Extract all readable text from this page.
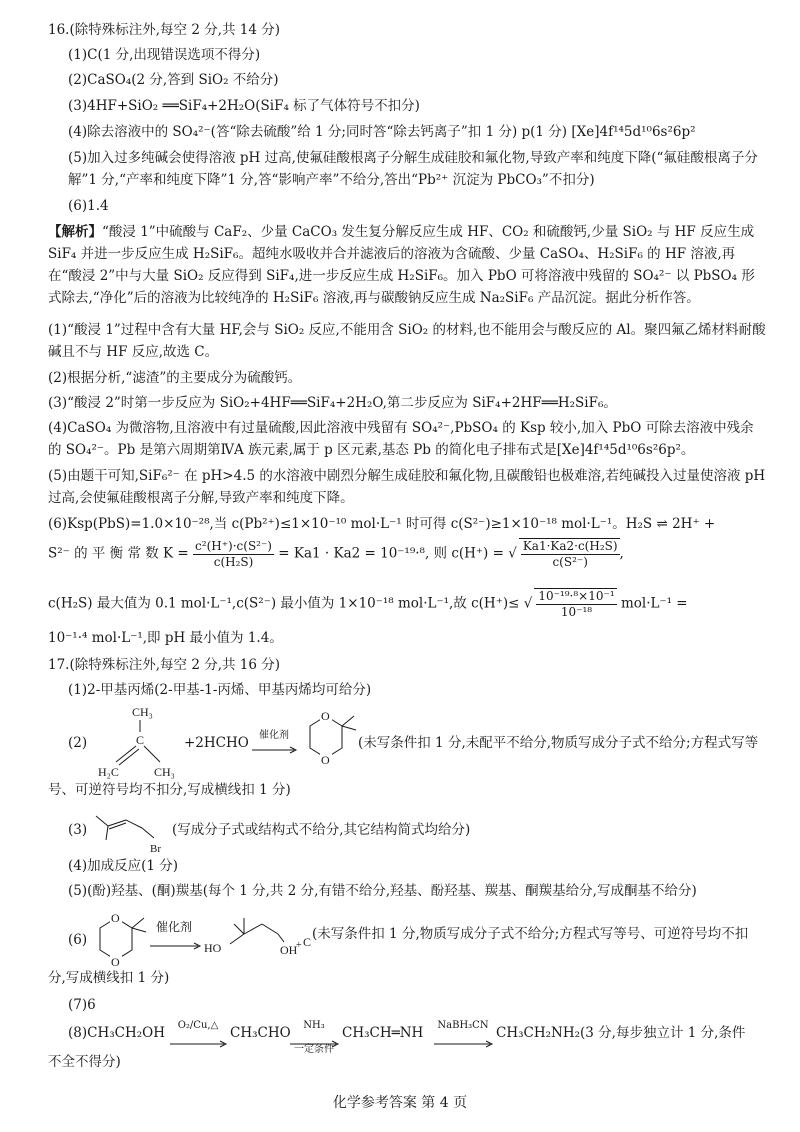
16.(除特殊标注外,每空 2 分,共 14 分)
(1)C(1 分,出现错误选项不得分)
(2)CaSO₄(2 分,答到 SiO₂ 不给分)
(3)4HF+SiO₂ ══SiF₄+2H₂O(SiF₄ 标了气体符号不扣分)
(4)除去溶液中的 SO₄²⁻(答“除去硫酸”给 1 分;同时答“除去钙离子”扣 1 分) p(1 分) [Xe]4f¹⁴5d¹⁰6s²6p²
(5)加入过多纯碱会使得溶液 pH 过高,使氟硅酸根离子分解生成硅胶和氟化物,导致产率和纯度下降(“氟硅酸根离子分解”1 分,“产率和纯度下降”1 分,答“影响产率”不给分,答出“Pb²⁺ 沉淀为 PbCO₃”不扣分)
(6)1.4
【解析】“酸浸 1”中硫酸与 CaF₂、少量 CaCO₃ 发生复分解反应生成 HF、CO₂ 和硫酸钙,少量 SiO₂ 与 HF 反应生成 SiF₄ 并进一步反应生成 H₂SiF₆。超纯水吸收并合并滤液后的溶液为含硫酸、少量 CaSO₄、H₂SiF₆ 的 HF 溶液,再在“酸浸 2”中与大量 SiO₂ 反应得到 SiF₄,进一步反应生成 H₂SiF₆。加入 PbO 可将溶液中残留的 SO₄²⁻ 以 PbSO₄ 形式除去,“净化”后的溶液为比较纯净的 H₂SiF₆ 溶液,再与碳酸钠反应生成 Na₂SiF₆ 产品沉淀。据此分析作答。
(1)“酸浸 1”过程中含有大量 HF,会与 SiO₂ 反应,不能用含 SiO₂ 的材料,也不能用会与酸反应的 Al。聚四氟乙烯材料耐酸碱且不与 HF 反应,故选 C。
(2)根据分析,“滤渣”的主要成分为硫酸钙。
(3)“酸浸 2”时第一步反应为 SiO₂+4HF══SiF₄+2H₂O,第二步反应为 SiF₄+2HF══H₂SiF₆。
(4)CaSO₄ 为微溶物,且溶液中有过量硫酸,因此溶液中残留有 SO₄²⁻,PbSO₄ 的 Ksp 较小,加入 PbO 可除去溶液中残余的 SO₄²⁻。Pb 是第六周期第ⅣA 族元素,属于 p 区元素,基态 Pb 的简化电子排布式是[Xe]4f¹⁴5d¹⁰6s²6p²。
(5)由题干可知,SiF₆²⁻ 在 pH>4.5 的水溶液中剧烈分解生成硅胶和氟化物,且碳酸铅也极难溶,若纯碱投入过量使溶液 pH 过高,会使氟硅酸根离子分解,导致产率和纯度下降。
(6)Ksp(PbS)=1.0×10⁻²⁸,当 c(Pb²⁺)≤1×10⁻¹⁰ mol·L⁻¹ 时可得 c(S²⁻)≥1×10⁻¹⁸ mol·L⁻¹。H₂S ⇌ 2H⁺ +
S²⁻ 的 平 衡 常 数 $K = \frac{\text{c²(H⁺)·c(S²⁻)}}{\text{c(H₂S)}} = Ka1 \cdot Ka2 = 10^{-19}\cdot^8$, 则 c(H⁺) = √ $\frac{\text{Ka1·Ka2·c(H₂S)}}{\text{c(S²⁻)}}$ ,
c(H₂S) 最大值为 0.1 mol·L⁻¹,c(S²⁻) 最小值为 1×10⁻¹⁸ mol·L⁻¹,故 c(H⁺)≤ √ $\frac{\text{10⁻¹⁹·⁸×10⁻¹}}{\text{10⁻¹⁸}} mol\cdot L^{-1}$ =
10⁻¹·⁴ mol·L⁻¹,即 pH 最小值为 1.4。
17.(除特殊标注外,每空 2 分,共 16 分)
(1)2-甲基丙烯(2-甲基-1-丙烯、甲基丙烯均可给分)
(2)
CH₃
C
H₂C	CH₃
+2HCHO	催化剂
O
O
(未写条件扣 1 分,未配平不给分,物质写成分子式不给分;方程式写等
号、可逆符号均不扣分,写成横线扣 1 分)
(3)
Br
(写成分子式或结构式不给分,其它结构简式均给分)
(4)加成反应(1 分)
(5)(酚)羟基、(酮)羰基(每个 1 分,共 2 分,有错不给分,羟基、酚羟基、羰基、酮羰基给分,写成酮基不给分)
(6)
O
O
催化剂
HO	OH
+ C (未写条件扣 1 分,物质写成分子式不给分;方程式写等号、可逆符号均不扣
分,写成横线扣 1 分)
(7)6
(8)CH₃CH₂OH	O₂/Cu,△ CH₃CHO	NH₃
一定条件
CH₃CH═NH	NaBH₃CN CH₃CH₂NH₂(3 分,每步独立计 1 分,条件
不全不得分)
化学参考答案 第 4 页
